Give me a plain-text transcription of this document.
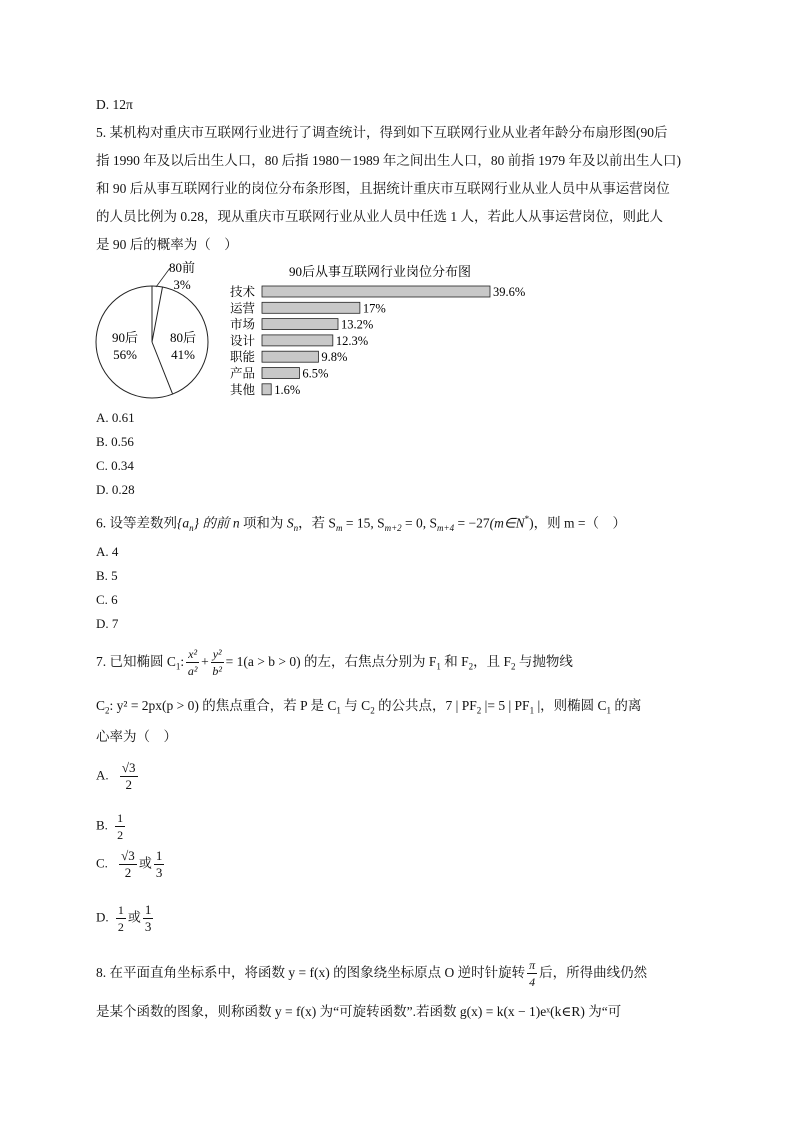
D. 12π
5. 某机构对重庆市互联网行业进行了调查统计，得到如下互联网行业从业者年龄分布扇形图(90后
指 1990 年及以后出生人口，80 后指 1980－1989 年之间出生人口，80 前指 1979 年及以前出生人口)
和 90 后从事互联网行业的岗位分布条形图，且据统计重庆市互联网行业从业人员中从事运营岗位
的人员比例为 0.28，现从重庆市互联网行业从业人员中任选 1 人，若此人从事运营岗位，则此人
是 90 后的概率为（　）
80前
3%
80后
41%
90后
56%
90后从事互联网行业岗位分布图
技术	39.6%
运营	17%
市场	13.2%
设计	12.3%
职能	9.8%
产品	6.5%
其他 1.6%
A. 0.61
B. 0.56
C. 0.34
D. 0.28
6. 设等差数列$\{a_n\}$ 的前 n 项和为 $S_n$，若 $S_m = 15$, $S_{m+2} = 0$, $S_{m+4}$ = −27(m∈N*)，则 m =（　）
A. 4
B. 5
C. 6
D. 7
7. 已知椭圆 $C_1$: $\frac{\text{x²}}{\text{a²}} + \frac{\text{y²}}{\text{b²}} = 1(a > b > 0)$ 的左，右焦点分别为 $F_1$ 和 $F_2$，且 $F_2$ 与抛物线
$C_2$: y² = 2px(p > 0) 的焦点重合，若 P 是 $C_1$ 与 $C_2$ 的公共点，7 | $PF_2$ |= 5 | $PF_1$ |，则椭圆 $C_1$ 的离
心率为（　）
A. $\frac{√3}{2}$
B. $\frac{1}{2}$
C. $\frac{√3}{2}$ 或 $\frac{1}{3}$
D. $\frac{1}{2}$ 或 $\frac{1}{3}$
8. 在平面直角坐标系中，将函数 y = f(x) 的图象绕坐标原点 O 逆时针旋转 $\frac{\pi}{4}$ 后，所得曲线仍然
是某个函数的图象，则称函数 y = f(x) 为“可旋转函数”.若函数 g(x) = k(x − 1)eˣ(k∈R) 为“可
